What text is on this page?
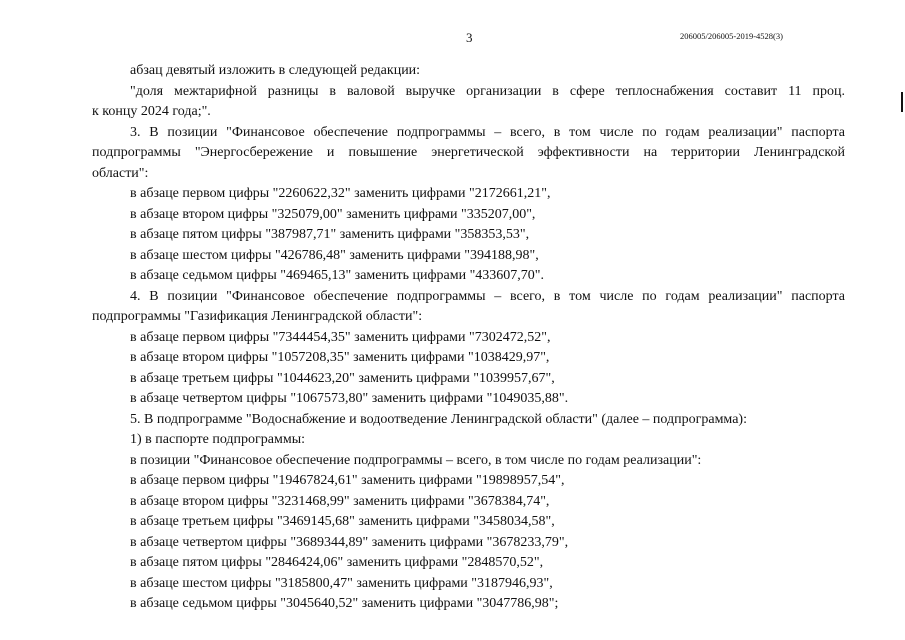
3	206005/206005-2019-4528(3)

абзац девятый изложить в следующей редакции:

"доля межтарифной разницы в валовой выручке организации в сфере теплоснабжения составит 11 проц.

к концу 2024 года;".

3. В позиции "Финансовое обеспечение подпрограммы – всего, в том числе по годам реализации" паспорта

подпрограммы "Энергосбережение и повышение энергетической эффективности на территории Ленинградской

области":

в абзаце первом цифры "2260622,32" заменить цифрами "2172661,21",

в абзаце втором цифры "325079,00" заменить цифрами "335207,00",

в абзаце пятом цифры "387987,71" заменить цифрами "358353,53",

в абзаце шестом цифры "426786,48" заменить цифрами "394188,98",

в абзаце седьмом цифры "469465,13" заменить цифрами "433607,70".

4. В позиции "Финансовое обеспечение подпрограммы – всего, в том числе по годам реализации" паспорта

подпрограммы "Газификация Ленинградской области":

в абзаце первом цифры "7344454,35" заменить цифрами "7302472,52",

в абзаце втором цифры "1057208,35" заменить цифрами "1038429,97",

в абзаце третьем цифры "1044623,20" заменить цифрами "1039957,67",

в абзаце четвертом цифры "1067573,80" заменить цифрами "1049035,88".

5. В подпрограмме "Водоснабжение и водоотведение Ленинградской области" (далее – подпрограмма):

1) в паспорте подпрограммы:

в позиции "Финансовое обеспечение подпрограммы – всего, в том числе по годам реализации":

в абзаце первом цифры "19467824,61" заменить цифрами "19898957,54",

в абзаце втором цифры "3231468,99" заменить цифрами "3678384,74",

в абзаце третьем цифры "3469145,68" заменить цифрами "3458034,58",

в абзаце четвертом цифры "3689344,89" заменить цифрами "3678233,79",

в абзаце пятом цифры "2846424,06" заменить цифрами "2848570,52",

в абзаце шестом цифры "3185800,47" заменить цифрами "3187946,93",

в абзаце седьмом цифры "3045640,52" заменить цифрами "3047786,98";
